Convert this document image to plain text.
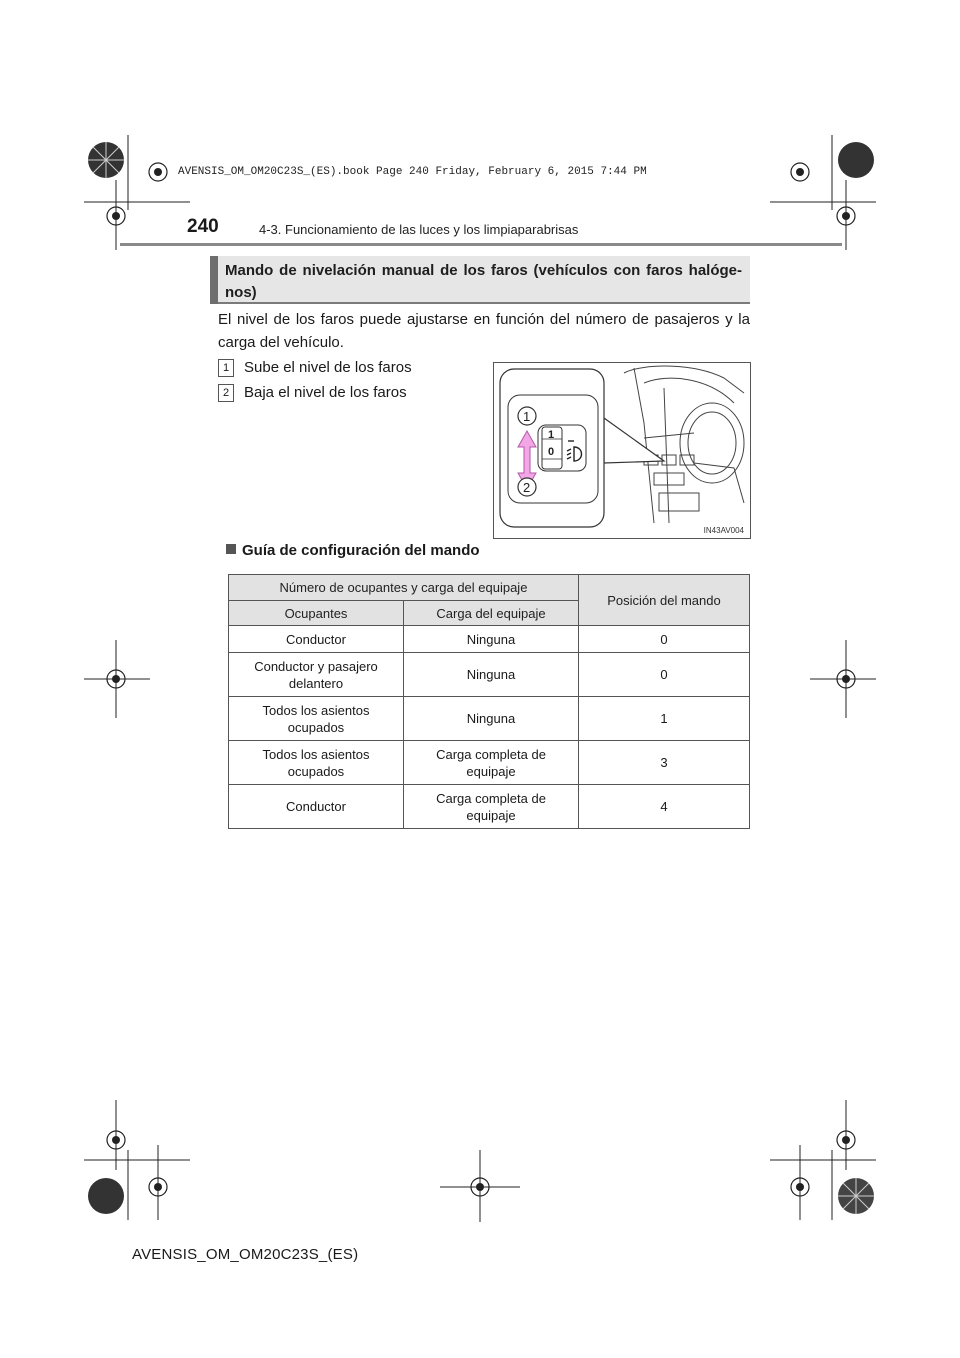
AVENSIS_OM_OM20C23S_(ES).book Page 240 Friday, February 6, 2015 7:44 PM
240	4-3. Funcionamiento de las luces y los limpiaparabrisas
Mando de nivelación manual de los faros (vehículos con faros halóge-nos)
El nivel de los faros puede ajustarse en función del número de pasajeros y la carga del vehículo.
1 Sube el nivel de los faros
2 Baja el nivel de los faros
1
0
1
2
IN43AV004
Guía de configuración del mando
Número de ocupantes y carga del equipaje		Posición del mando
Ocupantes	Carga del equipaje	
Conductor	Ninguna	0
Conductor y pasajero delantero	Ninguna	0
Todos los asientos ocupados	Ninguna	1
Todos los asientos ocupados	Carga completa de equipaje	3
Conductor	Carga completa de equipaje	4
AVENSIS_OM_OM20C23S_(ES)
